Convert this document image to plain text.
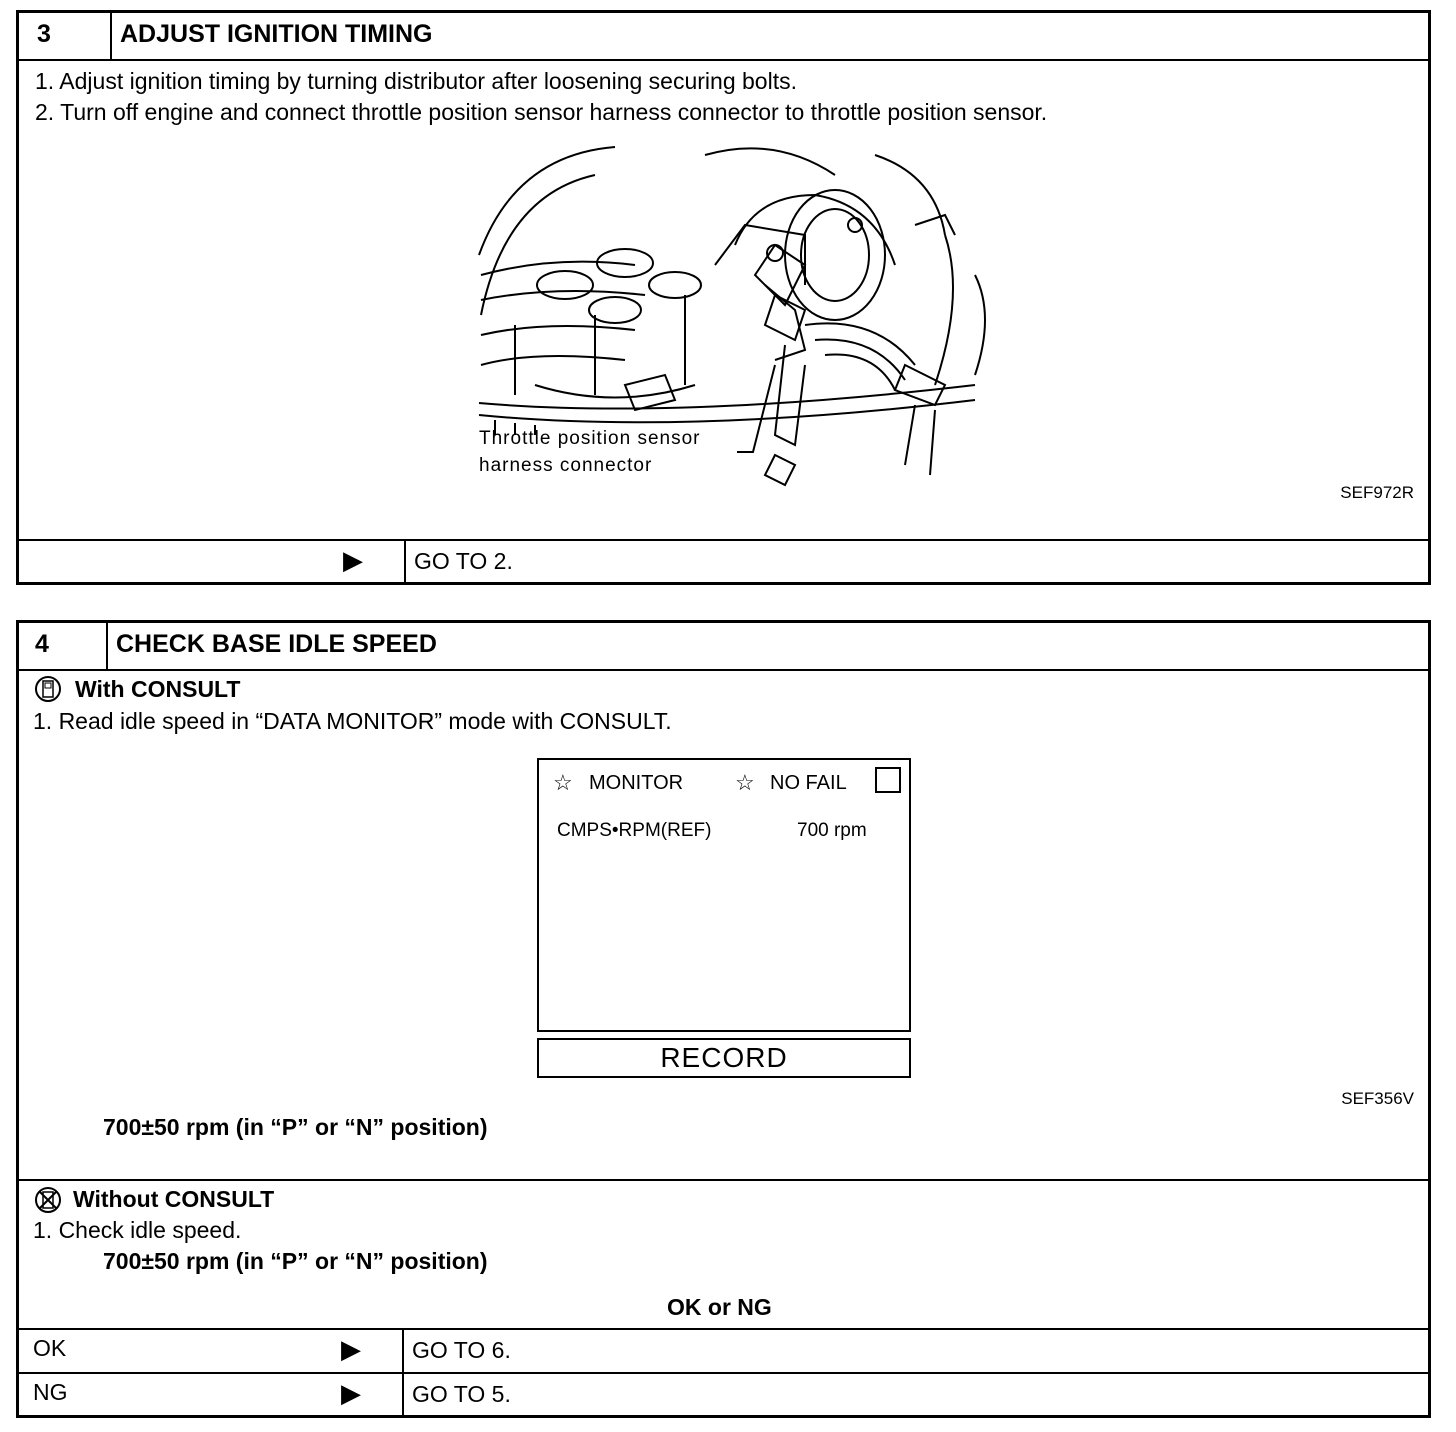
3	ADJUST IGNITION TIMING
1. Adjust ignition timing by turning distributor after loosening securing bolts.
2. Turn off engine and connect throttle position sensor harness connector to throttle position sensor.
Throttle position sensor
harness connector
SEF972R
▶ GO TO 2.
4	CHECK BASE IDLE SPEED
With CONSULT
1. Read idle speed in “DATA MONITOR” mode with CONSULT.
☆ MONITOR ☆ NO FAIL
CMPS•RPM(REF)	700 rpm
RECORD
SEF356V
700±50 rpm (in “P” or “N” position)
Without CONSULT
1. Check idle speed.
700±50 rpm (in “P” or “N” position)
OK or NG
OK	▶ GO TO 6.
NG	▶ GO TO 5.
